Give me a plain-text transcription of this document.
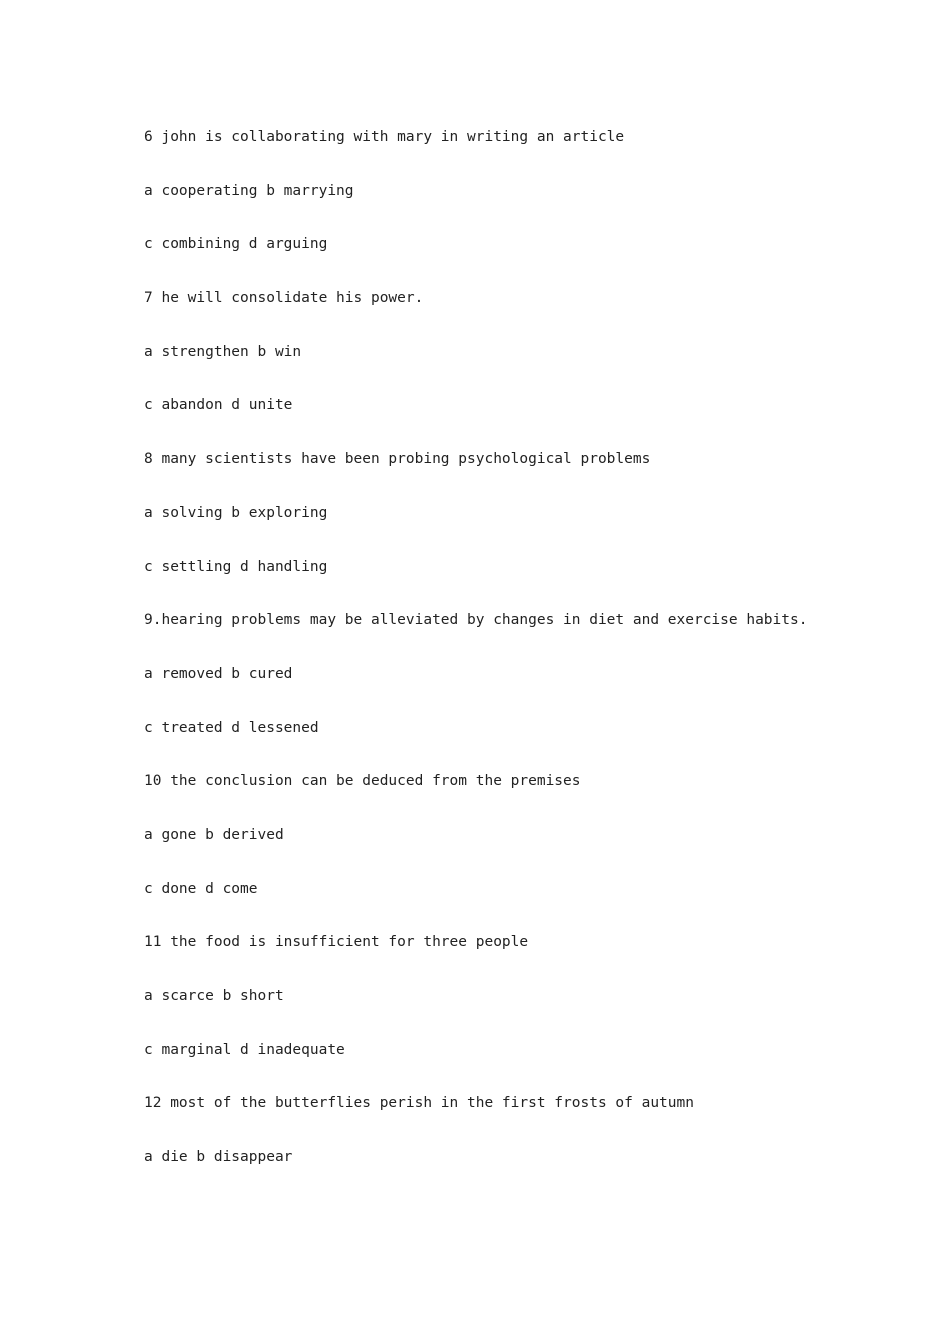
6 john is collaborating with mary in writing an article
a cooperating b marrying
c combining d arguing
7 he will consolidate his power.
a strengthen b win
c abandon d unite
8 many scientists have been probing psychological problems
a solving b exploring
c settling d handling
9.hearing problems may be alleviated by changes in diet and exercise habits.
a removed b cured
c treated d lessened
10 the conclusion can be deduced from the premises
a gone b derived
c done d come
11 the food is insufficient for three people
a scarce b short
c marginal d inadequate
12 most of the butterflies perish in the first frosts of autumn
a die b disappear
